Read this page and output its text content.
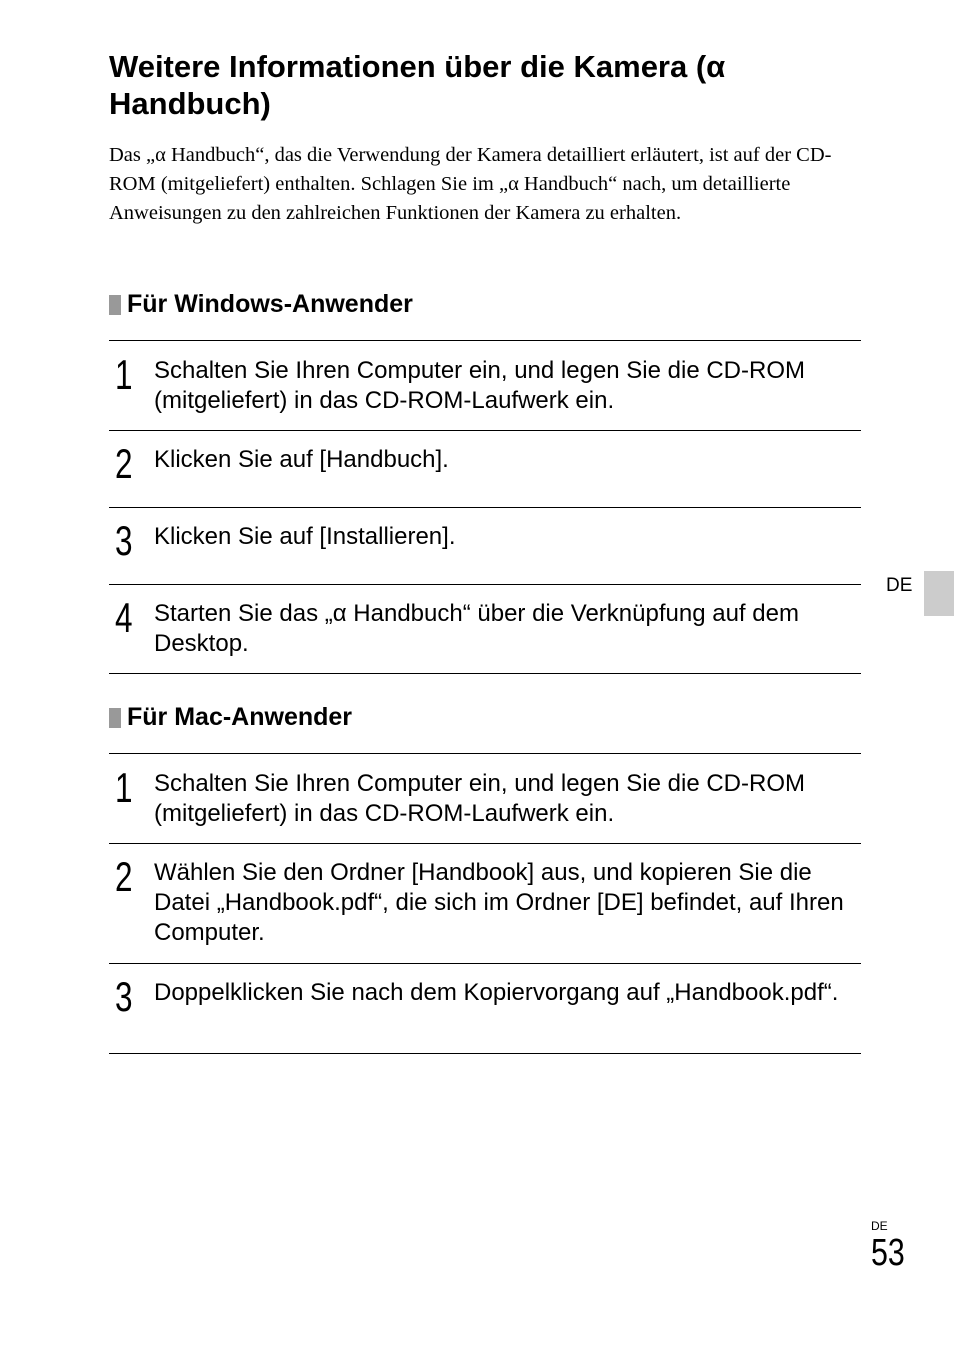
Weitere Informationen über die Kamera (α Handbuch)
Das „α Handbuch“, das die Verwendung der Kamera detailliert erläutert, ist auf der CD-ROM (mitgeliefert) enthalten. Schlagen Sie im „α Handbuch“ nach, um detaillierte Anweisungen zu den zahlreichen Funktionen der Kamera zu erhalten.
Für Windows-Anwender
1 Schalten Sie Ihren Computer ein, und legen Sie die CD-ROM (mitgeliefert) in das CD-ROM-Laufwerk ein.
2 Klicken Sie auf [Handbuch].
3 Klicken Sie auf [Installieren].
4 Starten Sie das „α Handbuch“ über die Verknüpfung auf dem Desktop.
Für Mac-Anwender
1 Schalten Sie Ihren Computer ein, und legen Sie die CD-ROM (mitgeliefert) in das CD-ROM-Laufwerk ein.
2 Wählen Sie den Ordner [Handbook] aus, und kopieren Sie die Datei „Handbook.pdf“, die sich im Ordner [DE] befindet, auf Ihren Computer.
3 Doppelklicken Sie nach dem Kopiervorgang auf „Handbook.pdf“.
DE
DE
53
